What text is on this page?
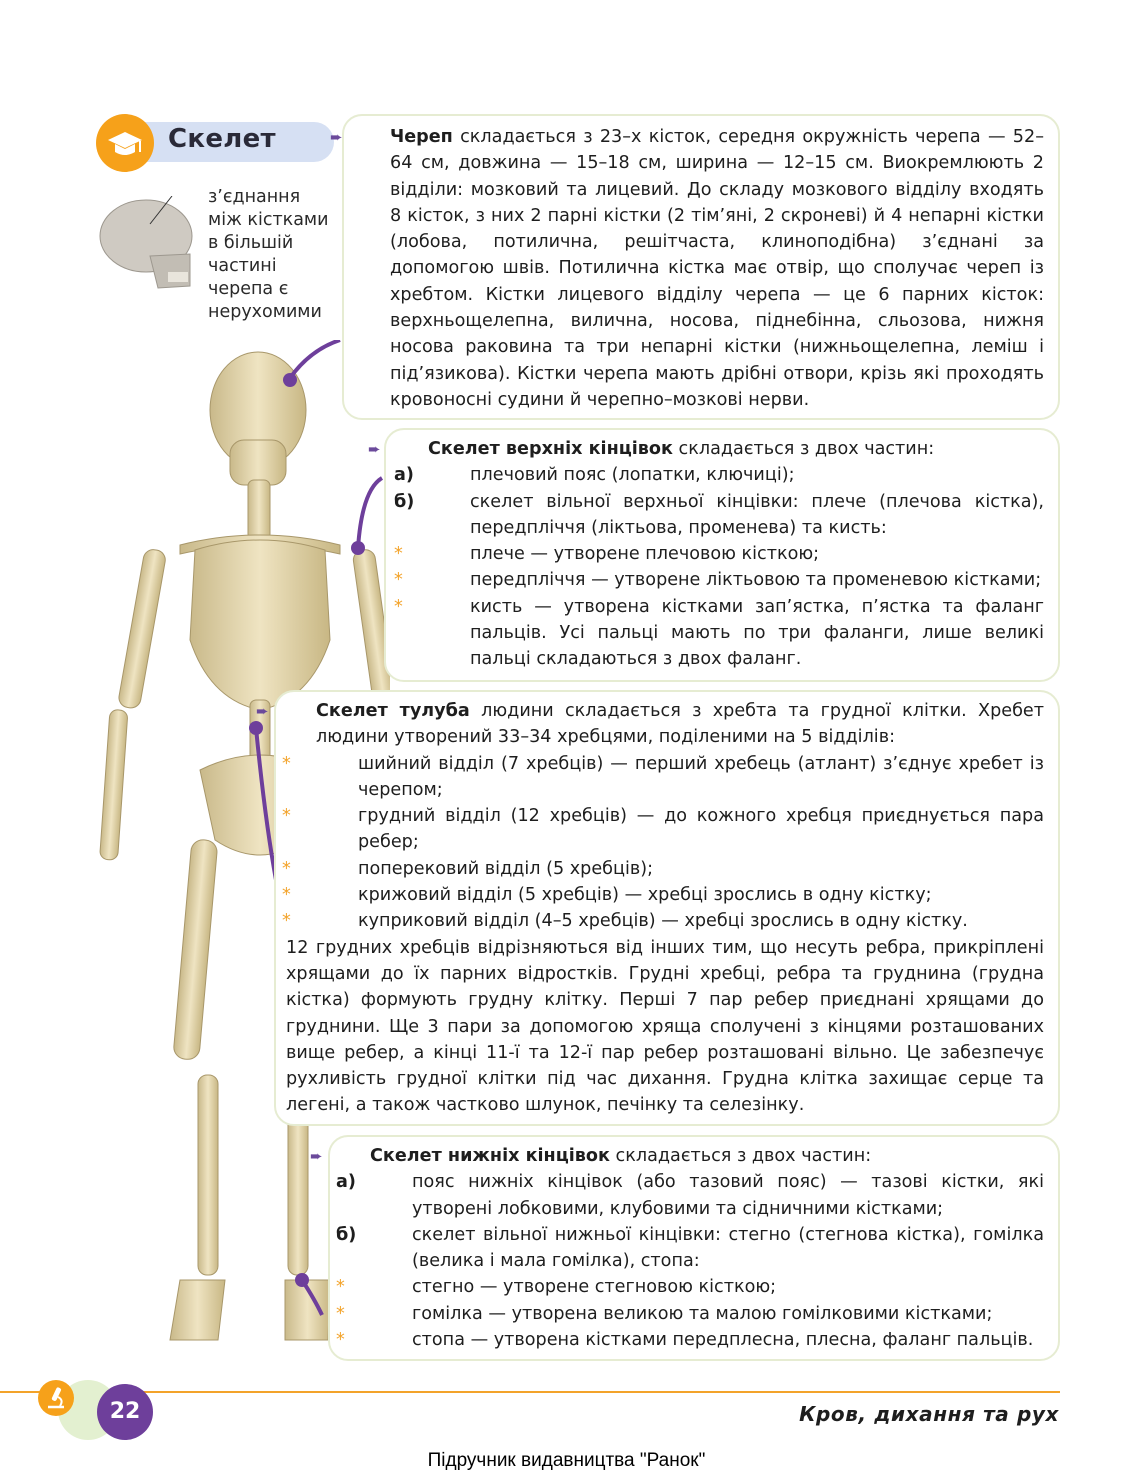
Скелет
з’єднання
між кістками
в більшій
частині
черепа є
нерухомими

➨	Череп складається з 23–х кісток, середня окружність черепа — 52–64 см, довжина — 15–18 см, ширина — 12–15 см. Виокремлюють 2 відділи: мозковий та лицевий. До складу мозкового відділу входять 8 кісток, з них 2 парні кістки (2 тім’яні, 2 скроневі) й 4 непарні кістки (лобова, потилична, решітчаста, клиноподібна) з’єднані за допомогою швів. Потилична кістка має отвір, що сполучає череп із хребтом. Кістки лицевого відділу черепа — це 6 парних кісток: верхньощелепна, вилична, носова, піднебінна, сльозова, нижня носова раковина та три непарні кістки (нижньощелепна, леміш і під’язикова). Кістки черепа мають дрібні отвори, крізь які проходять кровоносні судини й черепно–мозкові нерви.

➨	Скелет верхніх кінцівок складається з двох частин:

а)	плечовий пояс (лопатки, ключиці);

б)	скелет вільної верхньої кінцівки: плече (плечова кістка), передпліччя (ліктьова, променева) та кисть:

*	плече — утворене плечовою кісткою;

*	передпліччя — утворене ліктьовою та променевою кістками;

*	кисть — утворена кістками зап’ястка, п’ястка та фаланг пальців. Усі пальці мають по три фаланги, лише великі пальці складаються з двох фаланг.

➨	Скелет тулуба людини складається з хребта та грудної клітки. Хребет людини утворений 33–34 хребцями, поділеними на 5 відділів:

*	шийний відділ (7 хребців) — перший хребець (атлант) з’єднує хребет із черепом;

*	грудний відділ (12 хребців) — до кожного хребця приєднується пара ребер;

*	поперековий відділ (5 хребців);

*	крижовий відділ (5 хребців) — хребці зрослись в одну кістку;

*	куприковий відділ (4–5 хребців) — хребці зрослись в одну кістку.

12 грудних хребців відрізняються від інших тим, що несуть ребра, прикріплені хрящами до їх парних відростків. Грудні хребці, ребра та груднина (грудна кістка) формують грудну клітку. Перші 7 пар ребер приєднані хрящами до груднини. Ще 3 пари за допомогою хряща сполучені з кінцями розташованих вище ребер, а кінці 11-ї та 12-ї пар ребер розташовані вільно. Це забезпечує рухливість грудної клітки під час дихання. Грудна клітка захищає серце та легені, а також частково шлунок, печінку та селезінку.

➨	Скелет нижніх кінцівок складається з двох частин:

а)	пояс нижніх кінцівок (або тазовий пояс) — тазові кістки, які утворені лобковими, клубовими та сідничними кістками;

б)	скелет вільної нижньої кінцівки: стегно (стегнова кістка), гомілка (велика і мала гомілка), стопа:

*	стегно — утворене стегновою кісткою;

*	гомілка — утворена великою та малою гомілковими кістками;

*	стопа — утворена кістками передплесна, плесна, фаланг пальців.

22	Кров, дихання та рух
Підручник видавництва "Ранок"
